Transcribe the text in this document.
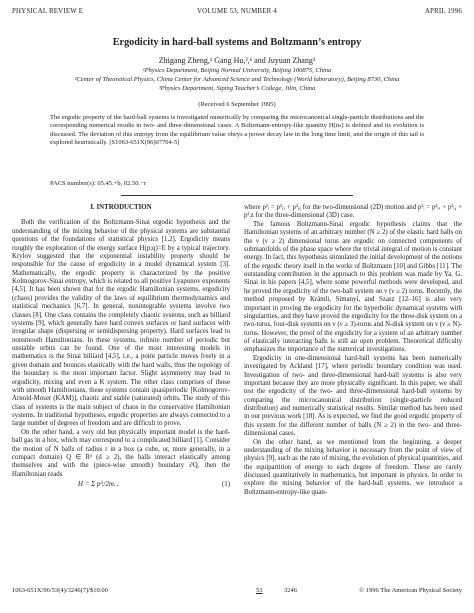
PHYSICAL REVIEW E	VOLUME 53, NUMBER 4	APRIL 1996
Ergodicity in hard-ball systems and Boltzmann’s entropy
Zhigang Zheng,¹ Gang Hu,²,¹ and Juyuan Zhang³
¹Physics Department, Beijing Normal University, Beijing 100875, China
²Center of Theoretical Physics, China Center for Advanced Science and Technology (World laboratory), Beijing 8730, China
³Physics Department, Siping Teacher’s College, Jilin, China
(Received 6 September 1995)
The ergodic property of the hard-ball systems is investigated numerically by comparing the microcanonical single-particle distributions and the corresponding numerical results in two- and three-dimensional cases. A Boltzmann-entropy-like quantity H(nₛ) is defined and its evolution is discussed. The deviation of this entropy from the equilibrium value obeys a power decay law in the long time limit, and the origin of this tail is explored heuristically. [S1063-651X(96)07704-5]
PACS number(s): 05.45.+b, 02.50.−r
I. INTRODUCTION

Both the verification of the Boltzmann-Sinai ergodic hypothesis and the understanding of the mixing behavior of the physical systems are substantial questions of the foundations of statistical physics [1,2]. Ergodicity means roughly the exploration of the energy surface H(p;q)=E by a typical trajectory. Krylov suggested that the exponential instability property should be responsible for the cause of ergodicity in a model dynamical system [3]. Mathematically, the ergodic property is characterized by the positive Kolmogorov-Sinai entropy, which is related to all positive Lyapunov exponents [4,5]. It has been shown that for the ergodic Hamiltonian systems, ergodicity (chaos) provides the validity of the laws of equilibrium thermodynamics and statistical mechanics [6,7]. In general, nonintegrable systems involve two classes [8]. One class contains the completely chaotic systems, such as billiard systems [9], which generally have hard convex surfaces or hard surfaces with irregular shape (dispersing or semidispersing property). Hard surfaces lead to nonsmooth Hamiltonians. In these systems, infinite number of periodic but unstable orbits can be found. One of the most interesting models in mathematics is the Sinai billiard [4,5], i.e., a point particle moves freely in a given domain and bounces elastically with the hard walls, thus the topology of the boundary is the most important factor. Slight asymmetry may lead to ergodicity, mixing and even a K system. The other class comprises of those with smooth Hamiltonians, these systems contain quasiperiodic [Kolmogorov-Arnold-Moser (KAM)], chaotic and stable (saturated) orbits. The study of this class of systems is the main subject of chaos in the conservative Hamiltonian systems. In traditional hypotheses, ergodic properties are always connected to a large number of degrees of freedom and are difficult to prove.

On the other hand, a very old but physically important model is the hard-ball gas in a box, which may correspond to a complicated billiard [1]. Consider the motion of N balls of radius r in a box (a cube, or, more generally, in a compact domain) Q ∈ Rᵈ (d ≥ 2), the balls interact elastically among themselves and with the (piece-wise smooth) boundary ∂Q, then the Hamiltonian reads

H = Σ p²ᵢ/2mᵢ ,	(1)

where p²ᵢ = p²ᵢₓ + p²ᵢᵧ for the two-dimensional (2D) motion and p²ᵢ = p²ᵢₓ + p²ᵢᵧ + p²ᵢz for the three-dimensional (3D) case.

The famous Boltzmann-Sinai ergodic hypothesis claims that the Hamiltonian systems of an arbitrary number (N ≥ 2) of the elastic hard balls on the ν (ν ≥ 2) dimensional torus are ergodic on connected components of submanifolds of the phase space where the trivial integral of motion is constant energy. In fact, this hypothesis stimulated the initial development of the notions of the ergodic theory itself in the works of Boltzmann [10] and Gibbs [11]. The outstanding contribution in the approach to this problem was made by Ya. G. Sinai in his papers [4,5], where some powerful methods were developed, and he proved the ergodicity of the two-ball system on ν (ν ≥ 2) torus. Recently, the method proposed by Krámli, Simanyi, and Szasz [12–16] is also very important in proving the ergodicity for the hyperbolic dynamical systems with singularities, and they have proved the ergodicity for the three-disk system on a two-torus, four-disk systems on ν (ν ≥ 3)-torus and N-disk system on ν (ν ≥ N)-torus. However, the proof of the ergodicity for a system of an arbitrary number of elastically interacting balls is still an open problem. Theoretical difficulty emphasizes the importance of the numerical investigations.

Ergodicity in one-dimensional hard-ball systems has been numerically investigated by Ackland [17], where periodic boundary condition was used. Investigation of two- and three-dimensional hard-ball systems is also very important because they are more physically significant. In this paper, we shall test the ergodicity of the two- and three-dimensional hard-ball systems by comparing the microcanonical distribution (single-particle reduced distribution) and numerically statistical results. Similar method has been used in our previous work [18]. As is expected, we find the good ergodic property of this system for the different number of balls (N ≥ 2) in the two- and three-dimensional cases.

On the other hand, as we mentioned from the beginning, a deeper understanding of the mixing behavior is necessary from the point of view of physics [9], such as the rate of mixing, the evolution of physical quantities, and the equipartition of energy to each degree of freedom. These are rarely discussed quantitatively in mathematics, but important in physics. In order to explore the mixing behavior of the hard-ball systems, we introduce a Boltzmann-entropy-like quan-

1063-651X/96/53(4)/3246(7)/$10.00	53	3246	© 1996 The American Physical Society
